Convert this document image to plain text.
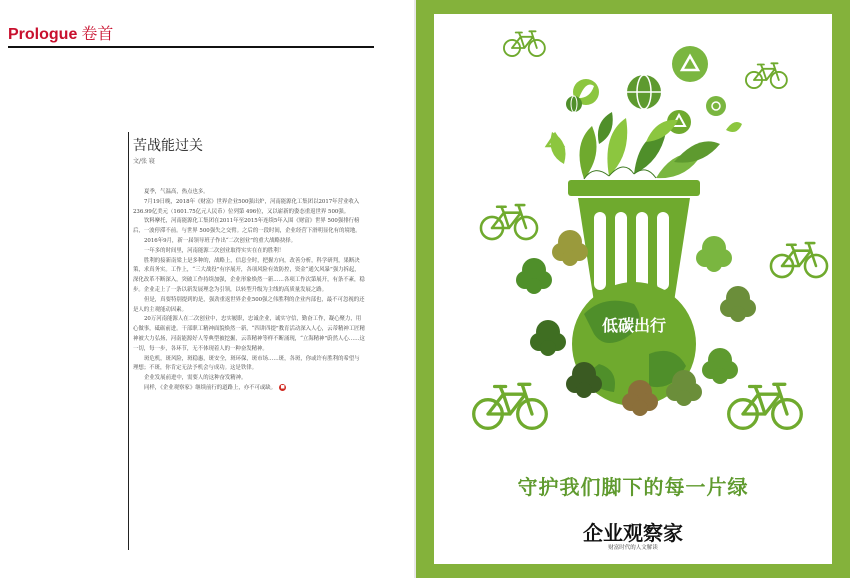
Prologue 卷首
苦战能过关
文/张 寝

夏季，气温高，热点也多。

7月19日晚，2018年《财富》世界企业500强出炉，河南能源化工集团以2017年营业收入 236.99亿美元（1601.75亿元人民币）位列第 496位，又以崭新的姿态重返世界 500强。

饮料摩托，河南能源化工集团在2011年至2015年连续5年入围《财富》世界 500强排行榜后，一波停滞不前。与世界 500强失之交臂。之后的一段时间，企业经营下滑明显化有的境地。

2016年9月，新一届领导班子作出“二次创业”的重大战略抉择。

一年多的时间里，河南能源二次创业取得实实在在的胜利！

胜利的接新南梁上是多种的，战略上，信息全时，把握方向，改善分析，科学研判，果断决策，求真务实。工作上，“三大战役”有序展开，各项风险有效防控，资金“通欠风暴”强力拆起，深化改革不断深入，突破工作持续加强，企业形象焕然一新……各项工作次第展开，有条不紊，稳步。企业走上了一条以新发展理念为引领，以转型升级为主线的高质量发展之路。

但是，真要特别提到的是，强劲重返世界企业500强之伟胜利的企业内部也，最不可忽视的还是人的主观能动因素。

20万河南能源人在二次创业中，忠实履职，忠诚企业，诚实守信，勤奋工作，凝心聚力，用心做事，砥砺前进。干部职工精神面貌焕然一新，“四讲四提”教育活动深入人心，云蒂精神工匠精神被大力弘扬，河南能源好人等典型被挖掘，云蒂精神等样不断涌现，“立海精神”蔚然人心……这一切，每一步，各环节，无不体现着人的一种奋发精神。

斑危机，斑风险，斑稳惠，斑安全，斑环保，斑市场……斑，各斑，你或许有胜利的希望与理想；不斑，你肯定无法予机会与成功。这是铁律。

企业发展前进中，需要人的这种奋发精神。

同样，《企业观察家》继续前行的道路上，亦不可或缺。 ■

低碳出行
守护我们脚下的每一片绿
企业观察家
财富时代的人文解读
